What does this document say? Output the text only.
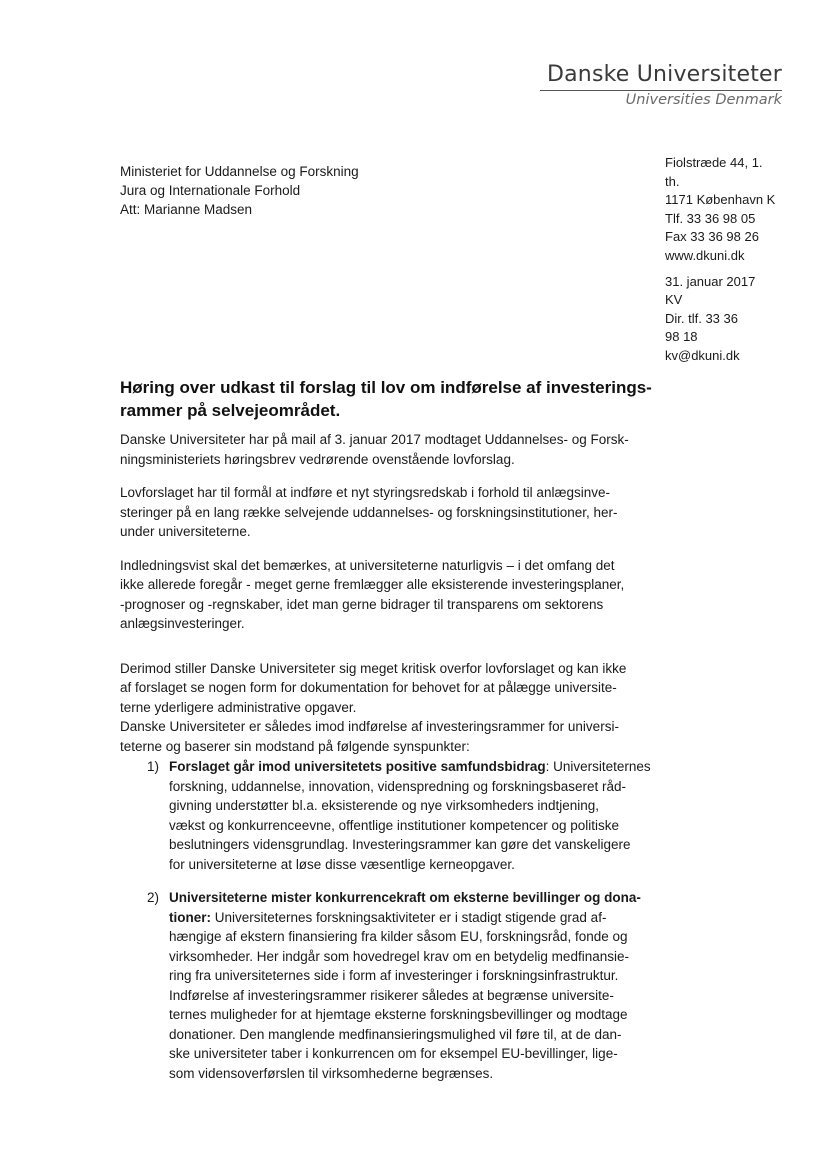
Danske Universiteter
Universities Denmark
Ministeriet for Uddannelse og Forskning
Jura og Internationale Forhold
Att: Marianne Madsen
Fiolstræde 44, 1.
th.
1171 København K
Tlf. 33 36 98 05
Fax 33 36 98 26
www.dkuni.dk
31. januar 2017
KV
Dir. tlf. 33 36
98 18
kv@dkuni.dk
Høring over udkast til forslag til lov om indførelse af investerings-
rammer på selvejeområdet.

Danske Universiteter har på mail af 3. januar 2017 modtaget Uddannelses- og Forsk-
ningsministeriets høringsbrev vedrørende ovenstående lovforslag.

Lovforslaget har til formål at indføre et nyt styringsredskab i forhold til anlægsinve-
steringer på en lang række selvejende uddannelses- og forskningsinstitutioner, her-
under universiteterne.

Indledningsvist skal det bemærkes, at universiteterne naturligvis – i det omfang det
ikke allerede foregår - meget gerne fremlægger alle eksisterende investeringsplaner,
-prognoser og -regnskaber, idet man gerne bidrager til transparens om sektorens
anlægsinvesteringer.

Derimod stiller Danske Universiteter sig meget kritisk overfor lovforslaget og kan ikke
af forslaget se nogen form for dokumentation for behovet for at pålægge universite-
terne yderligere administrative opgaver.

Danske Universiteter er således imod indførelse af investeringsrammer for universi-
teterne og baserer sin modstand på følgende synspunkter:

1) Forslaget går imod universitetets positive samfundsbidrag: Universiteternes
forskning, uddannelse, innovation, videnspredning og forskningsbaseret råd-
givning understøtter bl.a. eksisterende og nye virksomheders indtjening,
vækst og konkurrenceevne, offentlige institutioner kompetencer og politiske
beslutningers vidensgrundlag. Investeringsrammer kan gøre det vanskeligere
for universiteterne at løse disse væsentlige kerneopgaver.
2) Universiteterne mister konkurrencekraft om eksterne bevillinger og dona-
tioner: Universiteternes forskningsaktiviteter er i stadigt stigende grad af-
hængige af ekstern finansiering fra kilder såsom EU, forskningsråd, fonde og
virksomheder. Her indgår som hovedregel krav om en betydelig medfinansie-
ring fra universiteternes side i form af investeringer i forskningsinfrastruktur.
Indførelse af investeringsrammer risikerer således at begrænse universite-
ternes muligheder for at hjemtage eksterne forskningsbevillinger og modtage
donationer. Den manglende medfinansieringsmulighed vil føre til, at de dan-
ske universiteter taber i konkurrencen om for eksempel EU-bevillinger, lige-
som vidensoverførslen til virksomhederne begrænses.
